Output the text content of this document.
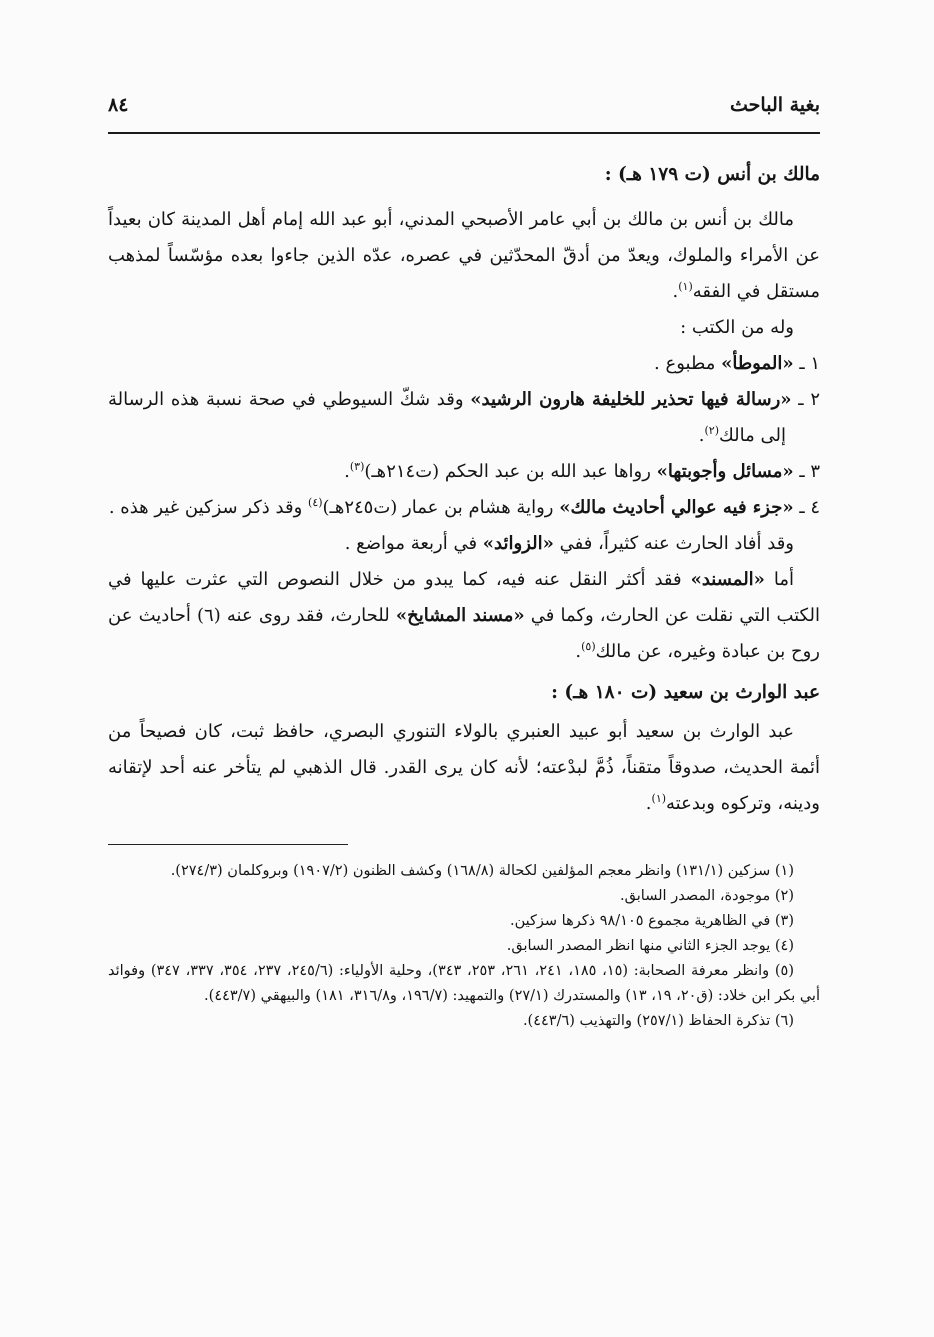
بغية الباحث
٨٤
مالك بن أنس (ت ١٧٩ هـ) :

مالك بن أنس بن مالك بن أبي عامر الأصبحي المدني، أبو عبد الله إمام أهل المدينة كان بعيداً عن الأمراء والملوك، ويعدّ من أدقّ المحدّثين في عصره، عدّه الذين جاءوا بعده مؤسّساً لمذهب مستقل في الفقه$^{(١)}$.

وله من الكتب :

١ ـ «الموطأ» مطبوع .

٢ ـ «رسالة فيها تحذير للخليفة هارون الرشيد» وقد شكّ السيوطي في صحة نسبة هذه الرسالة إلى مالك$^{(٢)}$.

٣ ـ «مسائل وأجوبتها» رواها عبد الله بن عبد الحكم (ت٢١٤هـ)$^{(٣)}$.

٤ ـ «جزء فيه عوالي أحاديث مالك» رواية هشام بن عمار (ت٢٤٥هـ)$^{(٤)}$ وقد ذكر سزكين غير هذه .

وقد أفاد الحارث عنه كثيراً، ففي «الزوائد» في أربعة مواضع .

أما «المسند» فقد أكثر النقل عنه فيه، كما يبدو من خلال النصوص التي عثرت عليها في الكتب التي نقلت عن الحارث، وكما في «مسند المشايخ» للحارث، فقد روى عنه (٦) أحاديث عن روح بن عبادة وغيره، عن مالك$^{(٥)}$.

عبد الوارث بن سعيد (ت ١٨٠ هـ) :

عبد الوارث بن سعيد أبو عبيد العنبري بالولاء التنوري البصري، حافظ ثبت، كان فصيحاً من أئمة الحديث، صدوقاً متقناً، ذُمَّ لبدْعته؛ لأنه كان يرى القدر. قال الذهبي لم يتأخر عنه أحد لإتقانه ودينه، وتركوه وبدعته$^{(١)}$.

(١) سزكين (١٣١/١) وانظر معجم المؤلفين لكحالة (١٦٨/٨) وكشف الظنون (١٩٠٧/٢) وبروكلمان (٢٧٤/٣).

(٢) موجودة، المصدر السابق.

(٣) في الظاهرية مجموع ٩٨/١٠٥ ذكرها سزكين.

(٤) يوجد الجزء الثاني منها انظر المصدر السابق.

(٥) وانظر معرفة الصحابة: (١٥، ١٨٥، ٢٤١، ٢٦١، ٢٥٣، ٣٤٣)، وحلية الأولياء: (٢٤٥/٦، ٢٣٧، ٣٥٤، ٣٣٧، ٣٤٧) وفوائد أبي بكر ابن خلاد: (ق٢٠، ١٩، ١٣) والمستدرك (٢٧/١) والتمهيد: (١٩٦/٧، و٣١٦/٨، ١٨١) والبيهقي (٤٤٣/٧).

(٦) تذكرة الحفاظ (٢٥٧/١) والتهذيب (٤٤٣/٦).
